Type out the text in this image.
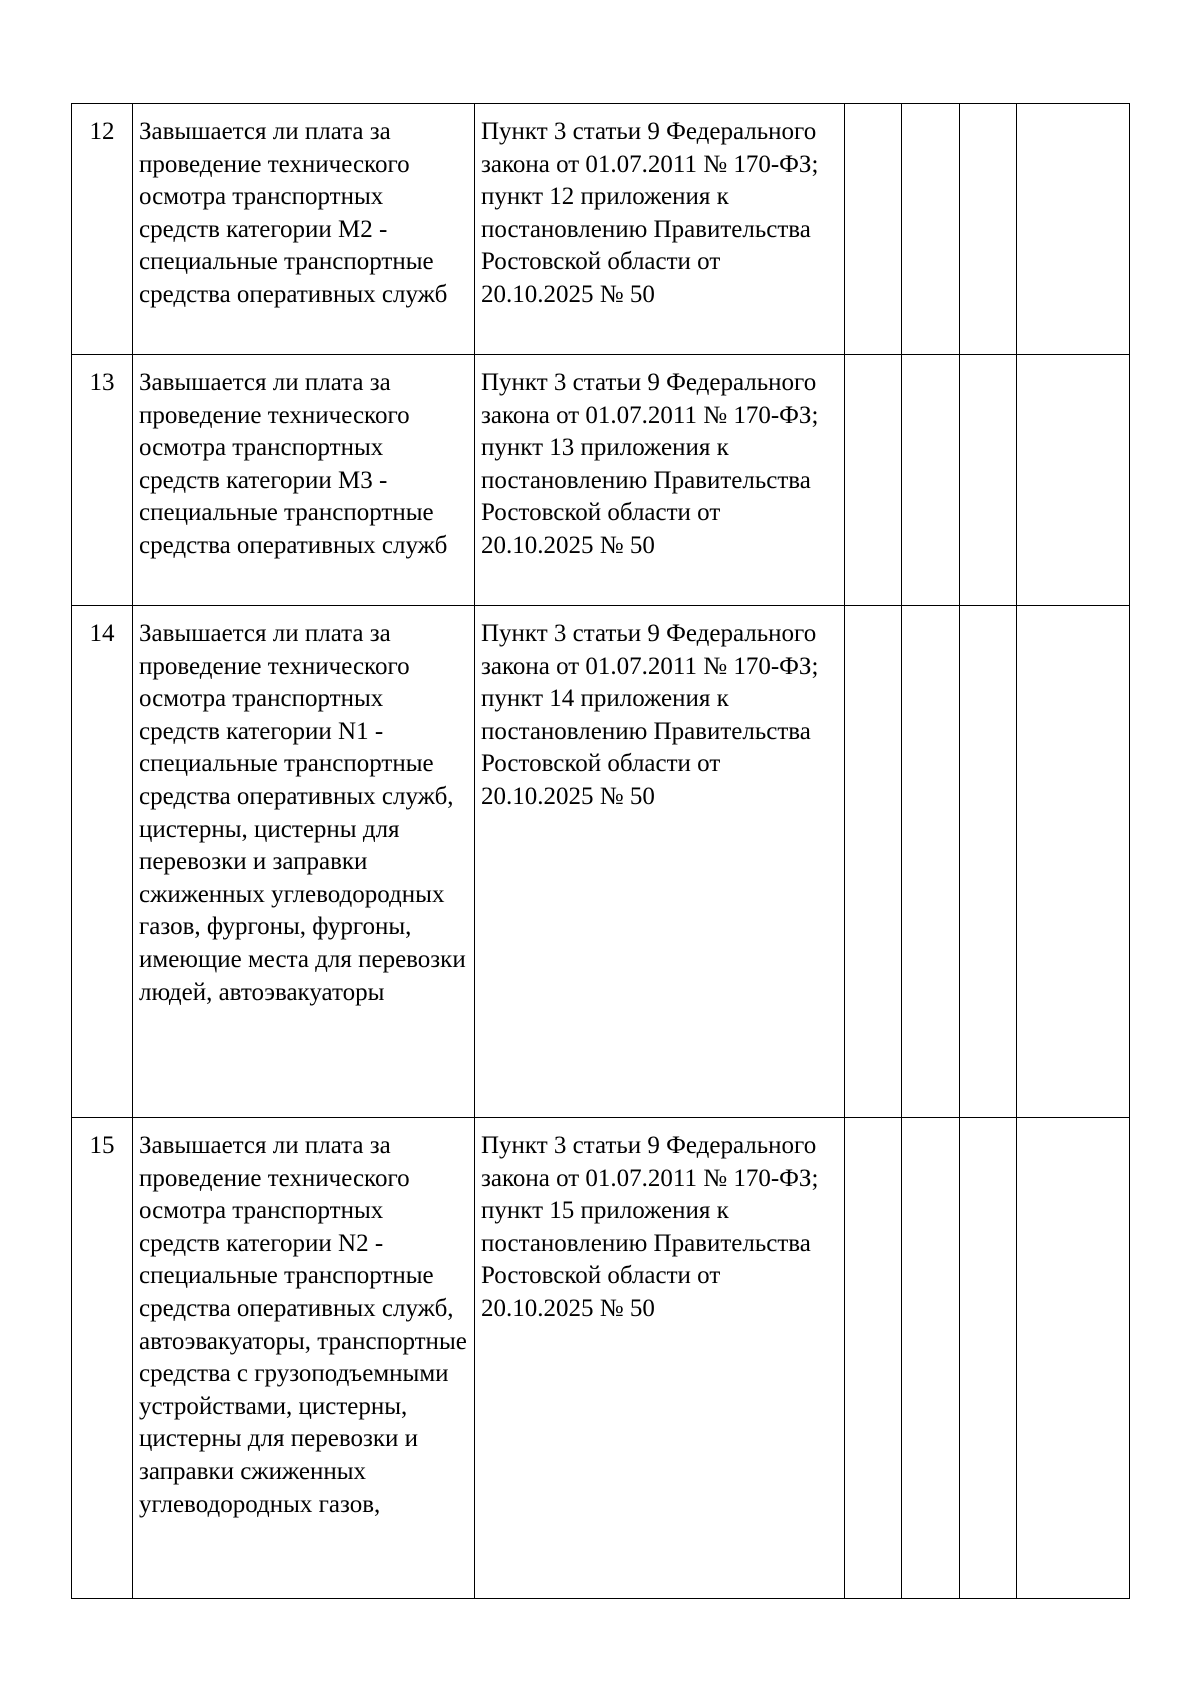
12	Завышается ли плата за проведение технического осмотра транспортных средств категории М2 - специальные транспортные средства оперативных служб	Пункт 3 статьи 9 Федерального закона от 01.07.2011 № 170-ФЗ; пункт 12 приложения к постановлению Правительства Ростовской области от 20.10.2025 № 50				
13	Завышается ли плата за проведение технического осмотра транспортных средств категории М3 - специальные транспортные средства оперативных служб	Пункт 3 статьи 9 Федерального закона от 01.07.2011 № 170-ФЗ; пункт 13 приложения к постановлению Правительства Ростовской области от 20.10.2025 № 50				
14	Завышается ли плата за проведение технического осмотра транспортных средств категории N1 - специальные транспортные средства оперативных служб, цистерны, цистерны для перевозки и заправки сжиженных углеводородных газов, фургоны, фургоны, имеющие места для перевозки людей, автоэвакуаторы	Пункт 3 статьи 9 Федерального закона от 01.07.2011 № 170-ФЗ; пункт 14 приложения к постановлению Правительства Ростовской области от 20.10.2025 № 50				
15	Завышается ли плата за проведение технического осмотра транспортных средств категории N2 - специальные транспортные средства оперативных служб, автоэвакуаторы, транспортные средства с грузоподъемными устройствами, цистерны, цистерны для перевозки и заправки сжиженных углеводородных газов,	Пункт 3 статьи 9 Федерального закона от 01.07.2011 № 170-ФЗ; пункт 15 приложения к постановлению Правительства Ростовской области от 20.10.2025 № 50				
